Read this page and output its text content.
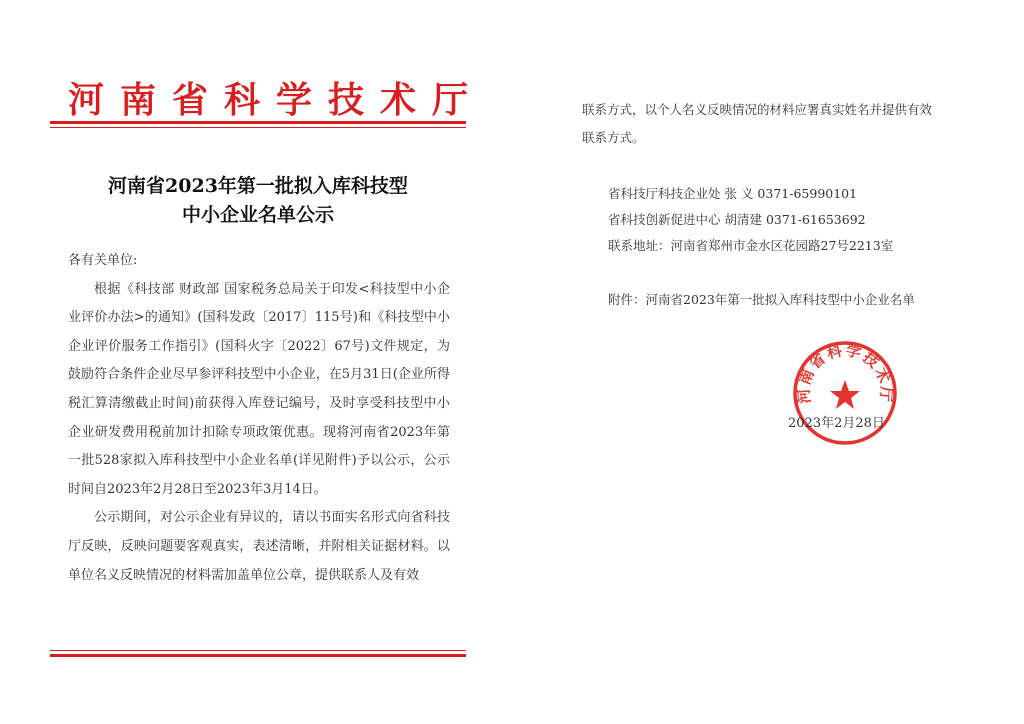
河南省科学技术厅
河南省2023年第一批拟入库科技型
中小企业名单公示

各有关单位:

根据《科技部 财政部 国家税务总局关于印发<科技型中小企业评价办法>的通知》(国科发政〔2017〕115号)和《科技型中小企业评价服务工作指引》(国科火字〔2022〕67号)文件规定，为鼓励符合条件企业尽早参评科技型中小企业，在5月31日(企业所得税汇算清缴截止时间)前获得入库登记编号，及时享受科技型中小企业研发费用税前加计扣除专项政策优惠。现将河南省2023年第一批528家拟入库科技型中小企业名单(详见附件)予以公示，公示时间自2023年2月28日至2023年3月14日。

公示期间，对公示企业有异议的，请以书面实名形式向省科技厅反映，反映问题要客观真实，表述清晰，并附相关证据材料。以单位名义反映情况的材料需加盖单位公章，提供联系人及有效

联系方式，以个人名义反映情况的材料应署真实姓名并提供有效
联系方式。
省科技厅科技企业处 张 义 0371-65990101
省科技创新促进中心 胡清建 0371-61653692
联系地址：河南省郑州市金水区花园路27号2213室
附件：河南省2023年第一批拟入库科技型中小企业名单
河南省科学技术厅
2023年2月28日
